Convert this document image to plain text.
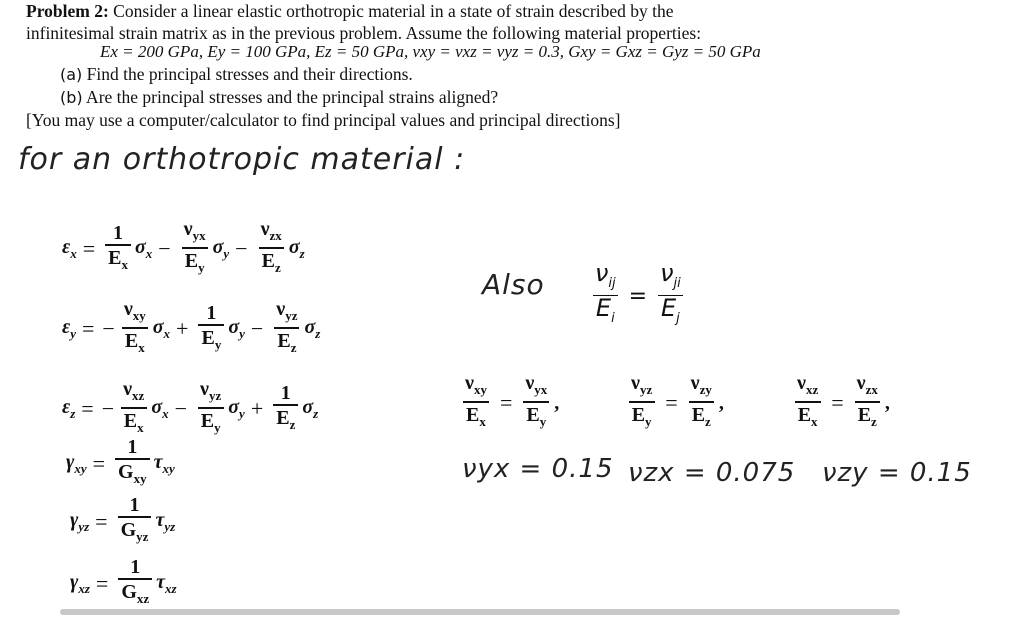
Problem 2: Consider a linear elastic orthotropic material in a state of strain described by the
infinitesimal strain matrix as in the previous problem. Assume the following material properties:
Ex = 200 GPa, Ey = 100 GPa, Ez = 50 GPa, νxy = νxz = νyz = 0.3, Gxy = Gxz = Gyz = 50 GPa
(a) Find the principal stresses and their directions.
(b) Are the principal stresses and the principal strains aligned?
[You may use a computer/calculator to find principal values and principal directions]
for an orthotropic material :
Also $\frac{\nu_{ij}}{E_i} = \frac{\nu_{ji}}{E_j}$
$\varepsilon_x = \frac{1}{E_x} \sigma_x - \frac{\nu_{yx}}{E_y} \sigma_y - \frac{\nu_{zx}}{E_z} \sigma_z$
$\varepsilon_y$ = − $\frac{\nu_{xy}}{E_x} \sigma_x + \frac{1}{E_y} \sigma_y - \frac{\nu_{yz}}{E_z} \sigma_z$
$\varepsilon_z$ = − $\frac{\nu_{xz}}{E_x} \sigma_x - \frac{\nu_{yz}}{E_y} \sigma_y + \frac{1}{E_z} \sigma_z$
$\gamma_{xy} = \frac{1}{G_{xy}} \tau_{xy}$
$\gamma_{yz} = \frac{1}{G_{yz}} \tau_{yz}$
$\gamma_{xz} = \frac{1}{G_{xz}} \tau_{xz}$
$\frac{\nu_{xy}}{E_x} = \frac{\nu_{yx}}{E_y}$ ,	$\frac{\nu_{yz}}{E_y} = \frac{\nu_{zy}}{E_z}$ ,	$\frac{\nu_{xz}}{E_x} = \frac{\nu_{zx}}{E_z}$ ,
νyx = 0.15 νzx = 0.075 νzy = 0.15
